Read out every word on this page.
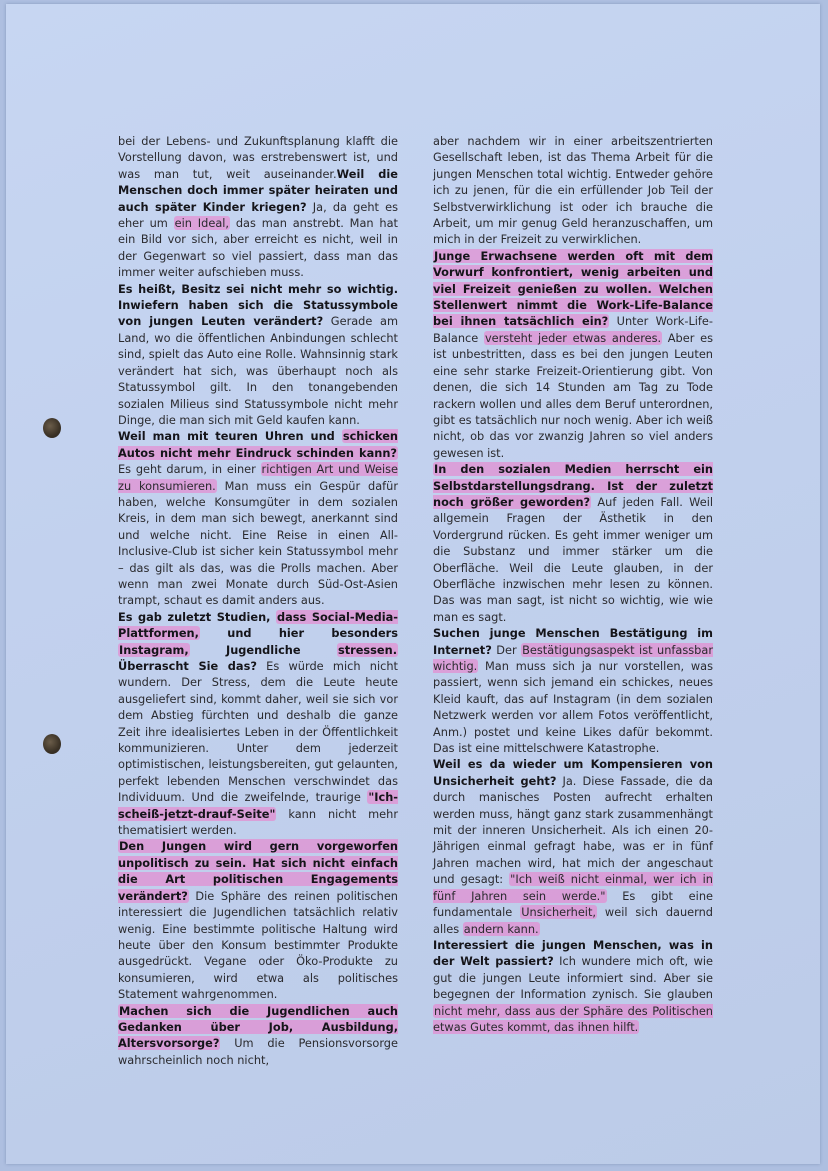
bei der Lebens- und Zukunftsplanung klafft die Vorstellung davon, was erstrebenswert ist, und was man tut, weit auseinander.Weil die Menschen doch immer später heiraten und auch später Kinder kriegen? Ja, da geht es eher um ein Ideal, das man anstrebt. Man hat ein Bild vor sich, aber erreicht es nicht, weil in der Gegenwart so viel passiert, dass man das immer weiter aufschieben muss.

Es heißt, Besitz sei nicht mehr so wichtig. Inwiefern haben sich die Statussymbole von jungen Leuten verändert? Gerade am Land, wo die öffentlichen Anbindungen schlecht sind, spielt das Auto eine Rolle. Wahnsinnig stark verändert hat sich, was überhaupt noch als Statussymbol gilt. In den tonangebenden sozialen Milieus sind Statussymbole nicht mehr Dinge, die man sich mit Geld kaufen kann.

Weil man mit teuren Uhren und schicken Autos nicht mehr Eindruck schinden kann? Es geht darum, in einer richtigen Art und Weise zu konsumieren. Man muss ein Gespür dafür haben, welche Konsumgüter in dem sozialen Kreis, in dem man sich bewegt, anerkannt sind und welche nicht. Eine Reise in einen All-Inclusive-Club ist sicher kein Statussymbol mehr – das gilt als das, was die Prolls machen. Aber wenn man zwei Monate durch Süd-Ost-Asien trampt, schaut es damit anders aus.

Es gab zuletzt Studien, dass Social-Media-Plattformen, und hier besonders Instagram, Jugendliche stressen. Überrascht Sie das? Es würde mich nicht wundern. Der Stress, dem die Leute heute ausgeliefert sind, kommt daher, weil sie sich vor dem Abstieg fürchten und deshalb die ganze Zeit ihre idealisiertes Leben in der Öffentlichkeit kommunizieren. Unter dem jederzeit optimistischen, leistungsbereiten, gut gelaunten, perfekt lebenden Menschen verschwindet das Individuum. Und die zweifelnde, traurige "Ich-scheiß-jetzt-drauf-Seite" kann nicht mehr thematisiert werden.

Den Jungen wird gern vorgeworfen unpolitisch zu sein. Hat sich nicht einfach die Art politischen Engagements verändert? Die Sphäre des reinen politischen interessiert die Jugendlichen tatsächlich relativ wenig. Eine bestimmte politische Haltung wird heute über den Konsum bestimmter Produkte ausgedrückt. Vegane oder Öko-Produkte zu konsumieren, wird etwa als politisches Statement wahrgenommen.

Machen sich die Jugendlichen auch Gedanken über Job, Ausbildung, Altersvorsorge? Um die Pensionsvorsorge wahrscheinlich noch nicht,

aber nachdem wir in einer arbeitszentrierten Gesellschaft leben, ist das Thema Arbeit für die jungen Menschen total wichtig. Entweder gehöre ich zu jenen, für die ein erfüllender Job Teil der Selbstverwirklichung ist oder ich brauche die Arbeit, um mir genug Geld heranzuschaffen, um mich in der Freizeit zu verwirklichen.

Junge Erwachsene werden oft mit dem Vorwurf konfrontiert, wenig arbeiten und viel Freizeit genießen zu wollen. Welchen Stellenwert nimmt die Work-Life-Balance bei ihnen tatsächlich ein? Unter Work-Life-Balance versteht jeder etwas anderes. Aber es ist unbestritten, dass es bei den jungen Leuten eine sehr starke Freizeit-Orientierung gibt. Von denen, die sich 14 Stunden am Tag zu Tode rackern wollen und alles dem Beruf unterordnen, gibt es tatsächlich nur noch wenig. Aber ich weiß nicht, ob das vor zwanzig Jahren so viel anders gewesen ist.

In den sozialen Medien herrscht ein Selbstdarstellungsdrang. Ist der zuletzt noch größer geworden? Auf jeden Fall. Weil allgemein Fragen der Ästhetik in den Vordergrund rücken. Es geht immer weniger um die Substanz und immer stärker um die Oberfläche. Weil die Leute glauben, in der Oberfläche inzwischen mehr lesen zu können. Das was man sagt, ist nicht so wichtig, wie wie man es sagt.

Suchen junge Menschen Bestätigung im Internet? Der Bestätigungsaspekt ist unfassbar wichtig. Man muss sich ja nur vorstellen, was passiert, wenn sich jemand ein schickes, neues Kleid kauft, das auf Instagram (in dem sozialen Netzwerk werden vor allem Fotos veröffentlicht, Anm.) postet und keine Likes dafür bekommt. Das ist eine mittelschwere Katastrophe.

Weil es da wieder um Kompensieren von Unsicherheit geht? Ja. Diese Fassade, die da durch manisches Posten aufrecht erhalten werden muss, hängt ganz stark zusammenhängt mit der inneren Unsicherheit. Als ich einen 20-Jährigen einmal gefragt habe, was er in fünf Jahren machen wird, hat mich der angeschaut und gesagt: "Ich weiß nicht einmal, wer ich in fünf Jahren sein werde." Es gibt eine fundamentale Unsicherheit, weil sich dauernd alles andern kann.

Interessiert die jungen Menschen, was in der Welt passiert? Ich wundere mich oft, wie gut die jungen Leute informiert sind. Aber sie begegnen der Information zynisch. Sie glauben nicht mehr, dass aus der Sphäre des Politischen etwas Gutes kommt, das ihnen hilft.
